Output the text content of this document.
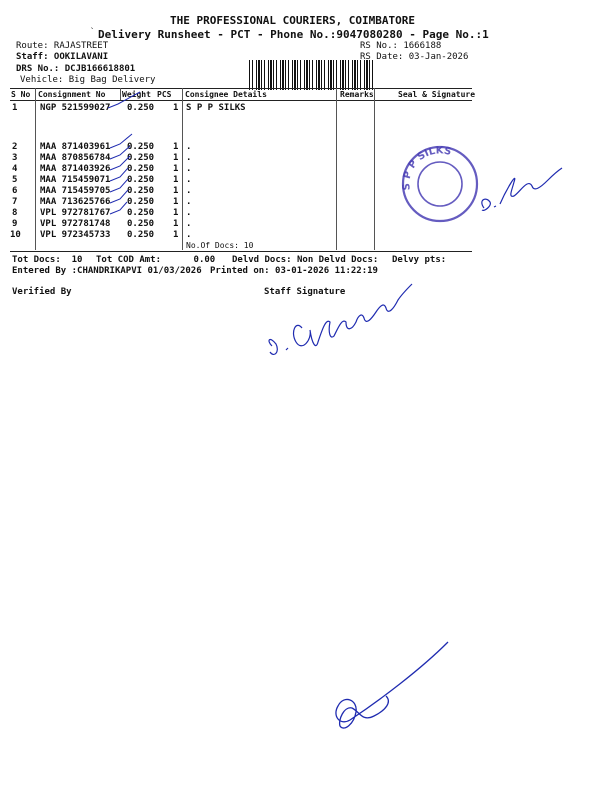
THE PROFESSIONAL COURIERS, COIMBATORE
Delivery Runsheet - PCT - Phone No.:9047080280 - Page No.:1
`
Route: RAJASTREET
Staff: OOKILAVANI
DRS No.: DCJB166618801
Vehicle: Big Bag Delivery

RS No.: 1666188
RS Date: 03-Jan-2026
S No Consignment No Weight PCS Consignee Details	Remarks	Seal & Signature
1	NGP 521599027 0.250 1 S P P SILKS
2	MAA 871403961 0.250 1 .
3	MAA 870856784 0.250 1 .
4	MAA 871403926 0.250 1 .
5	MAA 715459071 0.250 1 .
6	MAA 715459705 0.250 1 .
7	MAA 713625766 0.250 1 .
8	VPL 972781767 0.250 1 .
9	VPL 972781748 0.250 1 .
10 VPL 972345733 0.250 1 .
No.Of Docs: 10
Tot Docs:  10 Tot COD Amt:      0.00 Delvd Docs: Non Delvd Docs: Delvy pts:
Entered By :CHANDRIKAPVI 01/03/2026 Printed on: 03-01-2026 11:22:19
Verified By	Staff Signature
S P P SILKS
